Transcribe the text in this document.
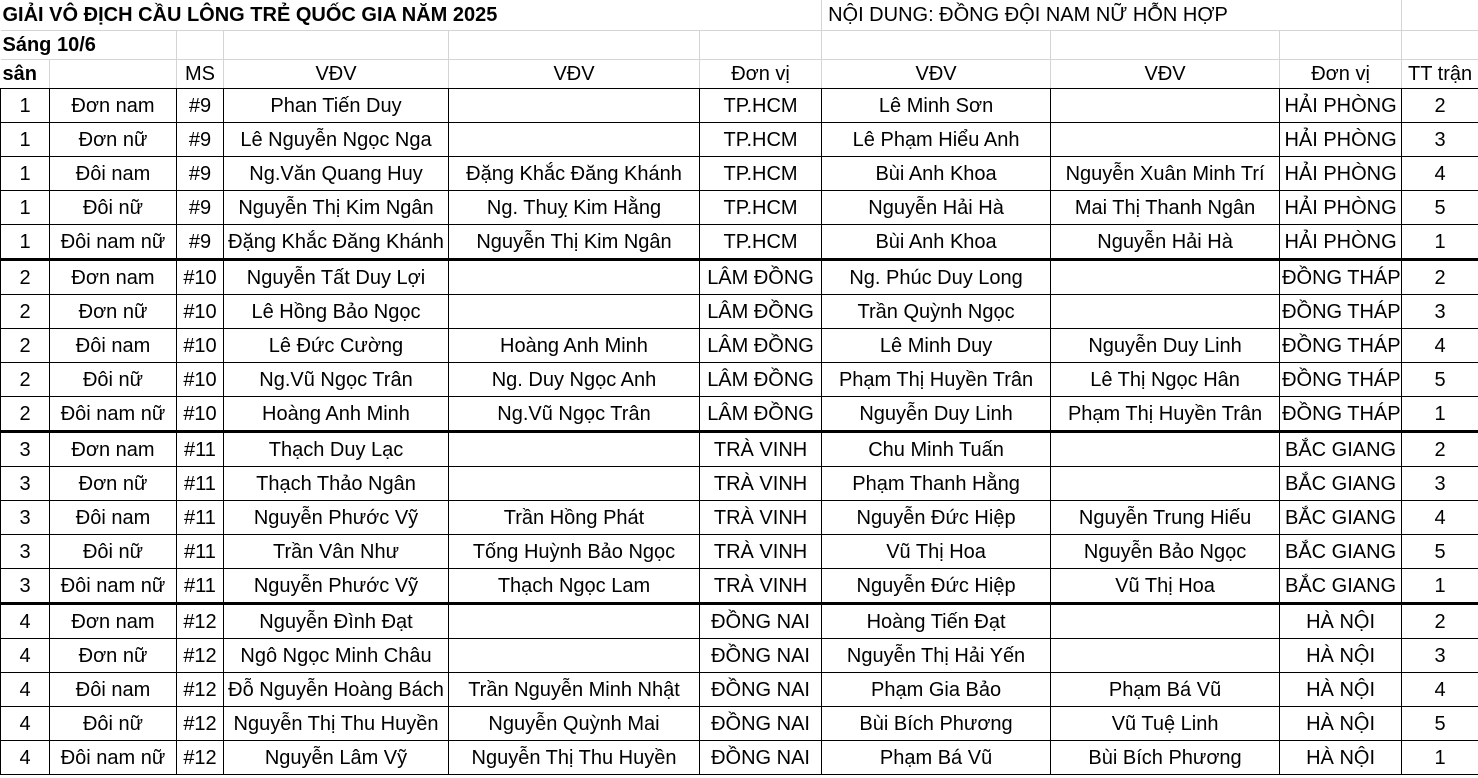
GIẢI VÔ ĐỊCH CẦU LÔNG TRẺ QUỐC GIA NĂM 2025						NỘI DUNG: ĐỒNG ĐỘI NAM NỮ HỖN HỢP			
Sáng 10/6									
sân		MS	VĐV	VĐV	Đơn vị	VĐV	VĐV	Đơn vị	TT trận
1	Đơn nam	#9	Phan Tiến Duy		TP.HCM	Lê Minh Sơn		HẢI PHÒNG	2
1	Đơn nữ	#9	Lê Nguyễn Ngọc Nga		TP.HCM	Lê Phạm Hiểu Anh		HẢI PHÒNG	3
1	Đôi nam	#9	Ng.Văn Quang Huy	Đặng Khắc Đăng Khánh	TP.HCM	Bùi Anh Khoa	Nguyễn Xuân Minh Trí	HẢI PHÒNG	4
1	Đôi nữ	#9	Nguyễn Thị Kim Ngân	Ng. Thuỵ Kim Hằng	TP.HCM	Nguyễn Hải Hà	Mai Thị Thanh Ngân	HẢI PHÒNG	5
1	Đôi nam nữ	#9	Đặng Khắc Đăng Khánh	Nguyễn Thị Kim Ngân	TP.HCM	Bùi Anh Khoa	Nguyễn Hải Hà	HẢI PHÒNG	1
2	Đơn nam	#10	Nguyễn Tất Duy Lợi		LÂM ĐỒNG	Ng. Phúc Duy Long		ĐỒNG THÁP	2
2	Đơn nữ	#10	Lê Hồng Bảo Ngọc		LÂM ĐỒNG	Trần Quỳnh Ngọc		ĐỒNG THÁP	3
2	Đôi nam	#10	Lê Đức Cường	Hoàng Anh Minh	LÂM ĐỒNG	Lê Minh Duy	Nguyễn Duy Linh	ĐỒNG THÁP	4
2	Đôi nữ	#10	Ng.Vũ Ngọc Trân	Ng. Duy Ngọc Anh	LÂM ĐỒNG	Phạm Thị Huyền Trân	Lê Thị Ngọc Hân	ĐỒNG THÁP	5
2	Đôi nam nữ	#10	Hoàng Anh Minh	Ng.Vũ Ngọc Trân	LÂM ĐỒNG	Nguyễn Duy Linh	Phạm Thị Huyền Trân	ĐỒNG THÁP	1
3	Đơn nam	#11	Thạch Duy Lạc		TRÀ VINH	Chu Minh Tuấn		BẮC GIANG	2
3	Đơn nữ	#11	Thạch Thảo Ngân		TRÀ VINH	Phạm Thanh Hằng		BẮC GIANG	3
3	Đôi nam	#11	Nguyễn Phước Vỹ	Trần Hồng Phát	TRÀ VINH	Nguyễn Đức Hiệp	Nguyễn Trung Hiếu	BẮC GIANG	4
3	Đôi nữ	#11	Trần Vân Như	Tống Huỳnh Bảo Ngọc	TRÀ VINH	Vũ Thị Hoa	Nguyễn Bảo Ngọc	BẮC GIANG	5
3	Đôi nam nữ	#11	Nguyễn Phước Vỹ	Thạch Ngọc Lam	TRÀ VINH	Nguyễn Đức Hiệp	Vũ Thị Hoa	BẮC GIANG	1
4	Đơn nam	#12	Nguyễn Đình Đạt		ĐỒNG NAI	Hoàng Tiến Đạt		HÀ NỘI	2
4	Đơn nữ	#12	Ngô Ngọc Minh Châu		ĐỒNG NAI	Nguyễn Thị Hải Yến		HÀ NỘI	3
4	Đôi nam	#12	Đỗ Nguyễn Hoàng Bách	Trần Nguyễn Minh Nhật	ĐỒNG NAI	Phạm Gia Bảo	Phạm Bá Vũ	HÀ NỘI	4
4	Đôi nữ	#12	Nguyễn Thị Thu Huyền	Nguyễn Quỳnh Mai	ĐỒNG NAI	Bùi Bích Phương	Vũ Tuệ Linh	HÀ NỘI	5
4	Đôi nam nữ	#12	Nguyễn Lâm Vỹ	Nguyễn Thị Thu Huyền	ĐỒNG NAI	Phạm Bá Vũ	Bùi Bích Phương	HÀ NỘI	1
